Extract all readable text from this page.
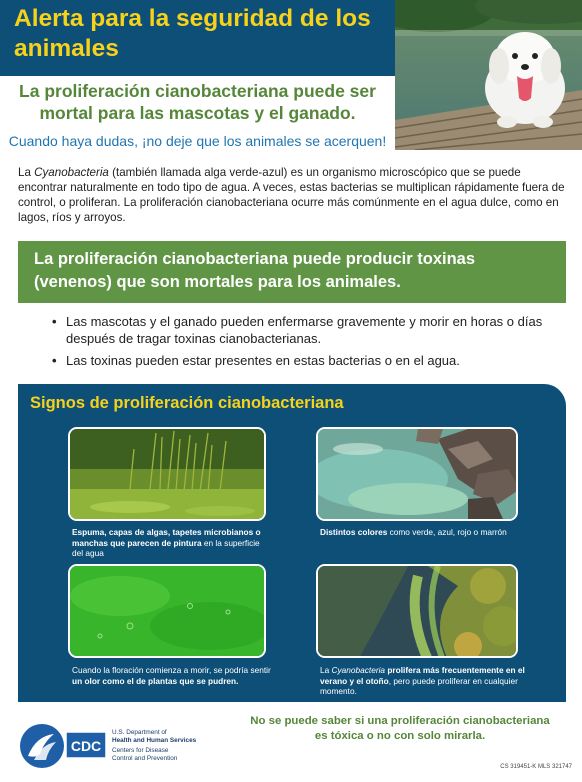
Alerta para la seguridad de los animales
La proliferación cianobacteriana puede ser mortal para las mascotas y el ganado.
Cuando haya dudas, ¡no deje que los animales se acerquen!

La Cyanobacteria (también llamada alga verde-azul) es un organismo microscópico que se puede encontrar naturalmente en todo tipo de agua. A veces, estas bacterias se multiplican rápidamente fuera de control, o proliferan. La proliferación cianobacteriana ocurre más comúnmente en el agua dulce, como en lagos, ríos y arroyos.

La proliferación cianobacteriana puede producir toxinas (venenos) que son mortales para los animales.
• Las mascotas y el ganado pueden enfermarse gravemente y morir en horas o días después de tragar toxinas cianobacterianas.
• Las toxinas pueden estar presentes en estas bacterias o en el agua.
Signos de proliferación cianobacteriana
Espuma, capas de algas, tapetes microbianos o manchas que parecen de pintura en la superficie del agua
Distintos colores como verde, azul, rojo o marrón
Cuando la floración comienza a morir, se podría sentir un olor como el de plantas que se pudren.
La Cyanobacteria prolifera más frecuentemente en el verano y el otoño, pero puede proliferar en cualquier momento.
CDC
U.S. Department of
Health and Human Services
Centers for Disease
Control and Prevention
No se puede saber si una proliferación cianobacteriana es tóxica o no con solo mirarla.
CS 319451-K MLS 321747
